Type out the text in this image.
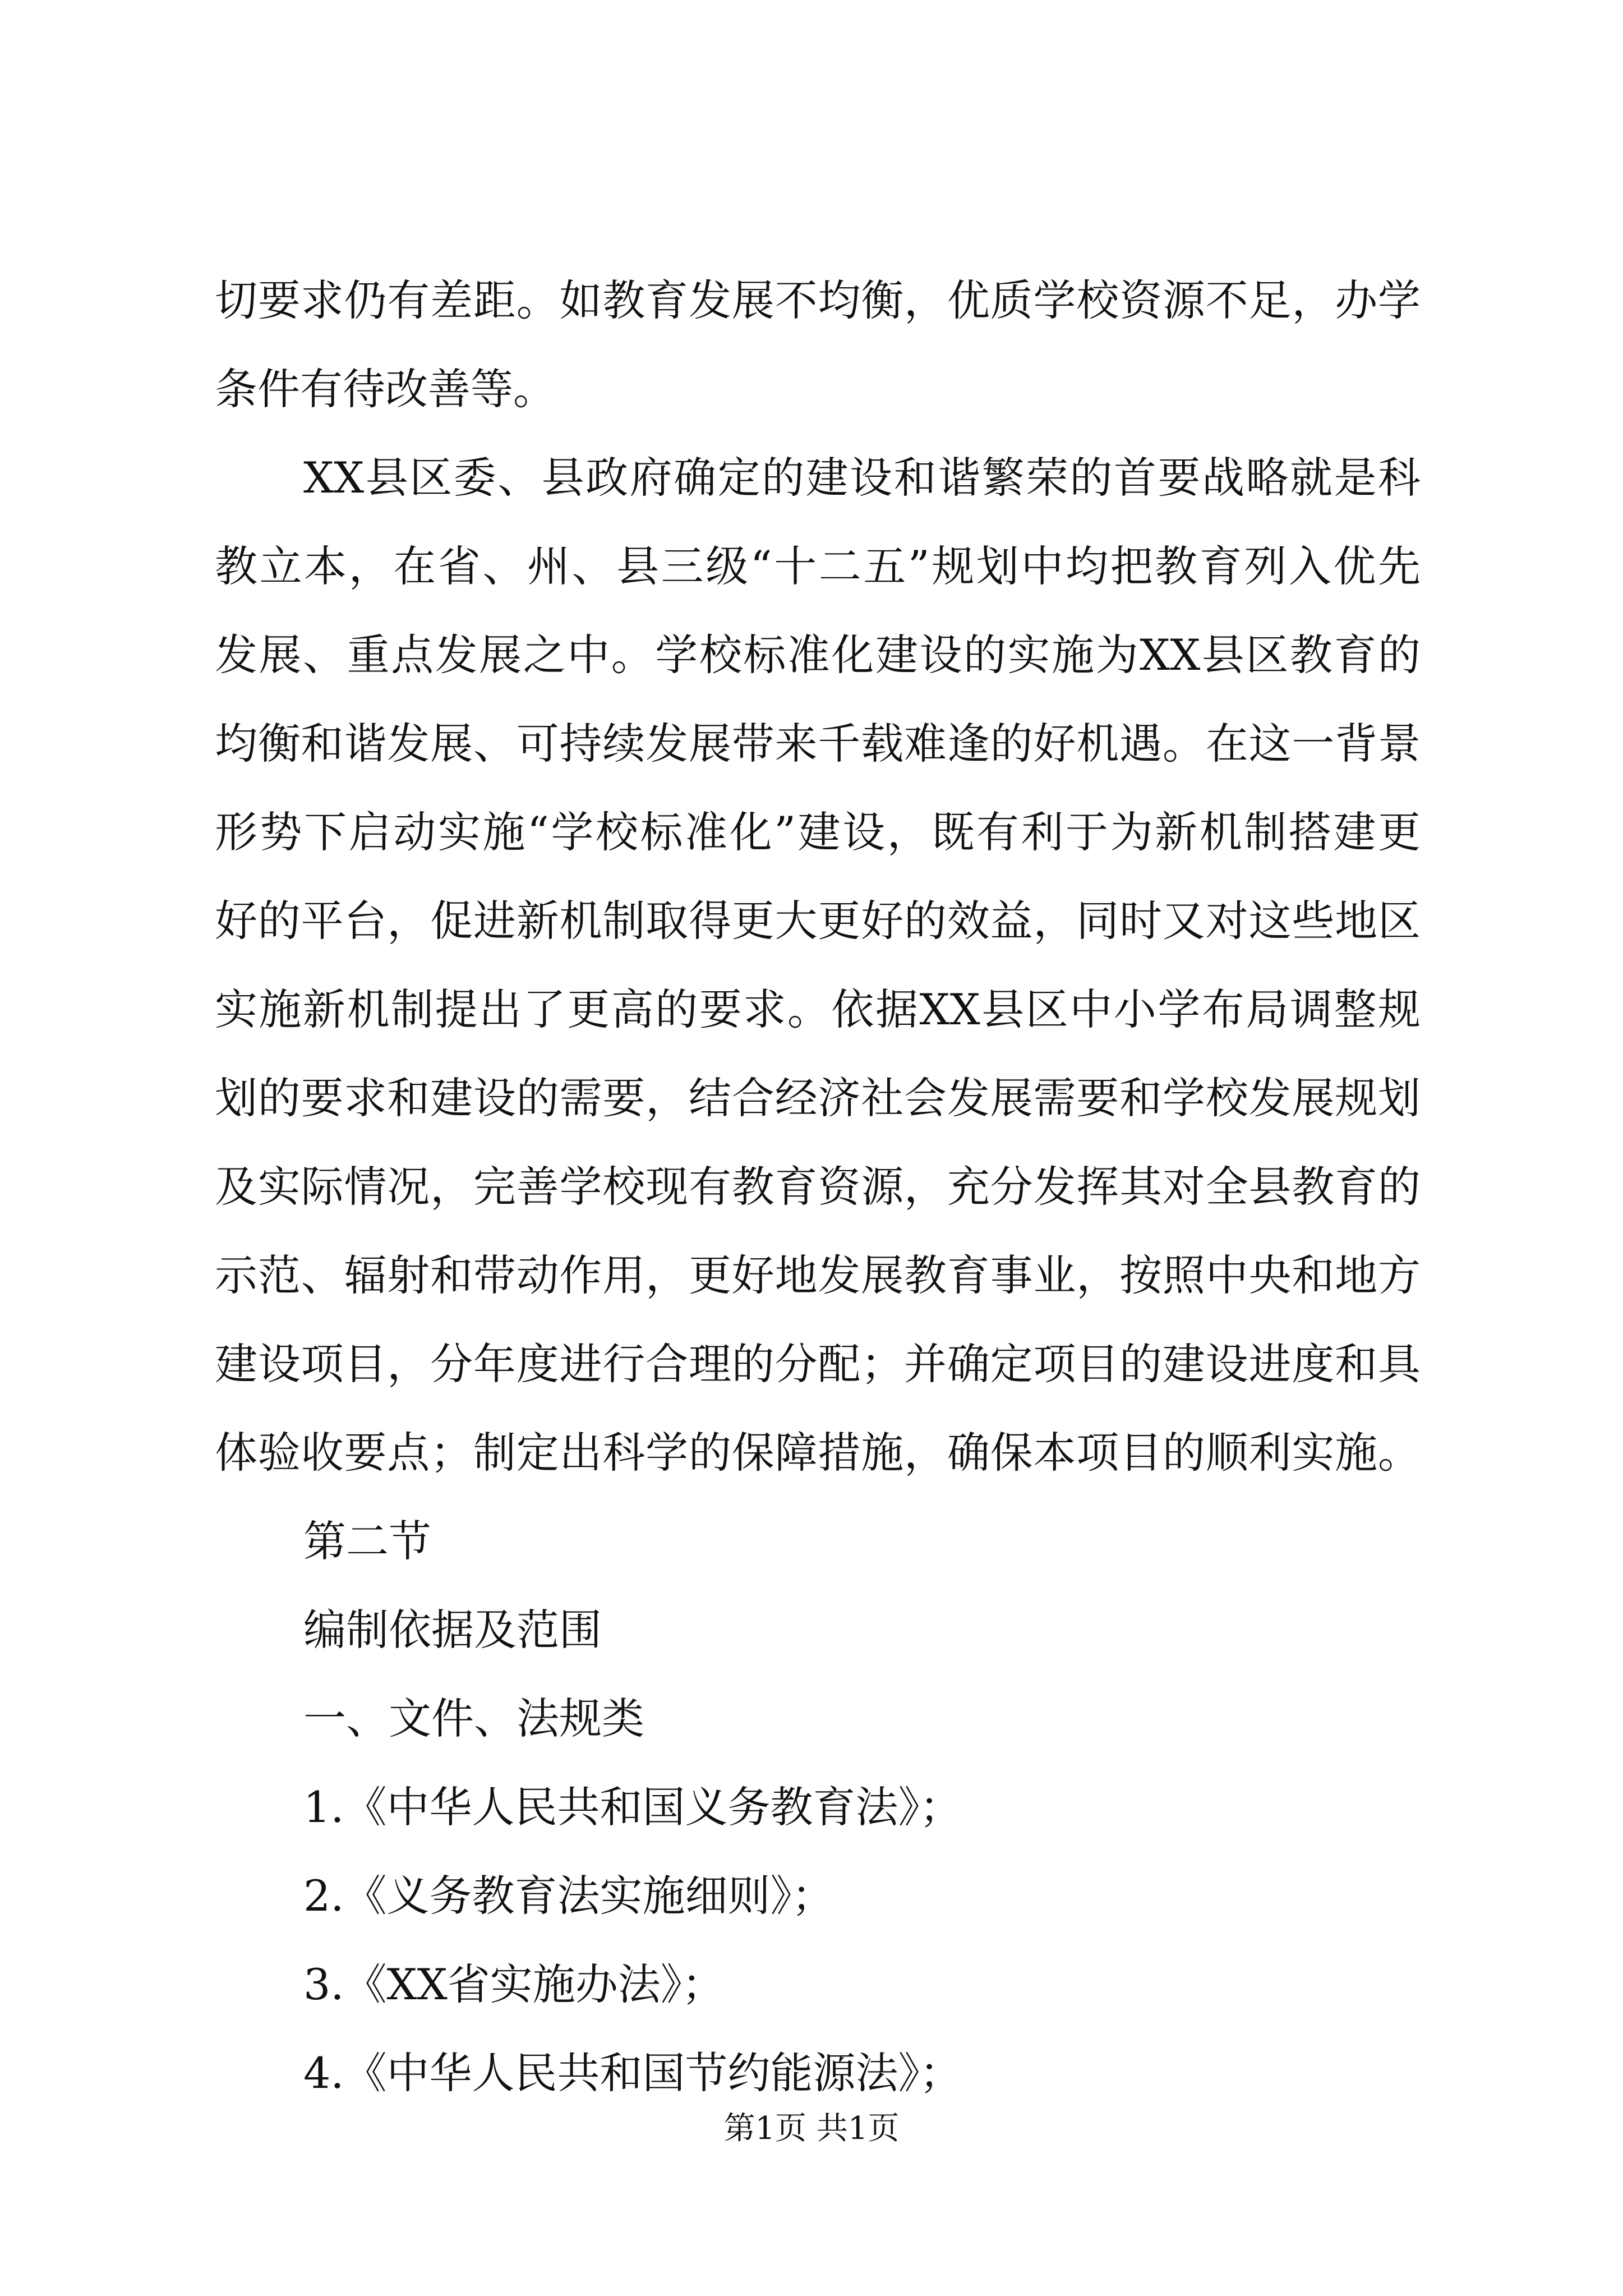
切要求仍有差距。如教育发展不均衡，优质学校资源不足，办学
条件有待改善等。
XX县区委、县政府确定的建设和谐繁荣的首要战略就是科
教立本，在省、州、县三级“十二五”规划中均把教育列入优先
发展、重点发展之中。学校标准化建设的实施为XX县区教育的
均衡和谐发展、可持续发展带来千载难逢的好机遇。在这一背景
形势下启动实施“学校标准化”建设，既有利于为新机制搭建更
好的平台，促进新机制取得更大更好的效益，同时又对这些地区
实施新机制提出了更高的要求。依据XX县区中小学布局调整规
划的要求和建设的需要，结合经济社会发展需要和学校发展规划
及实际情况，完善学校现有教育资源，充分发挥其对全县教育的
示范、辐射和带动作用，更好地发展教育事业，按照中央和地方
建设项目，分年度进行合理的分配；并确定项目的建设进度和具
体验收要点；制定出科学的保障措施，确保本项目的顺利实施。
第二节
编制依据及范围
一、文件、法规类
1.《中华人民共和国义务教育法》；
2.《义务教育法实施细则》；
3.《XX省实施办法》；
4.《中华人民共和国节约能源法》；
第1页 共1页
